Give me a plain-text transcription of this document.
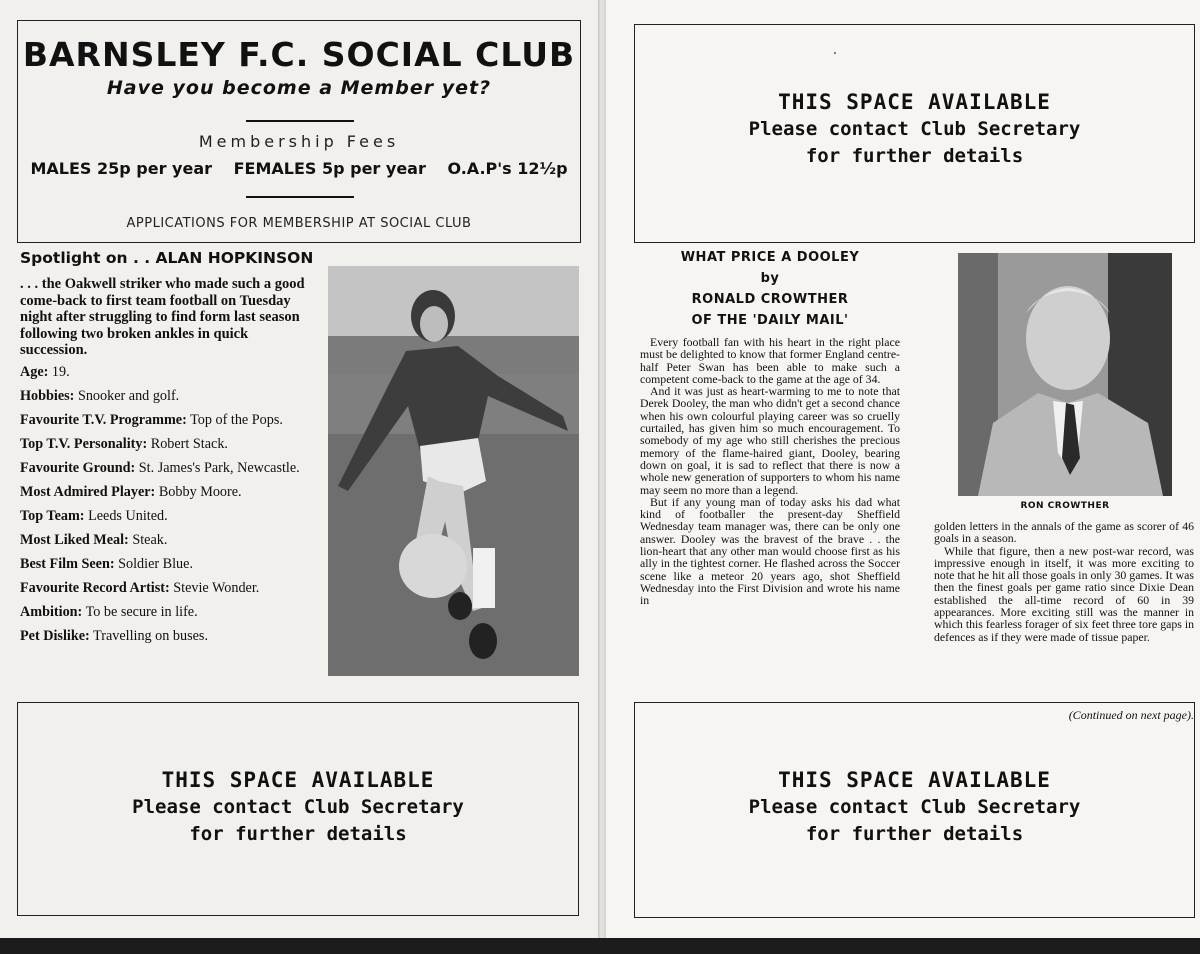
BARNSLEY F.C. SOCIAL CLUB
Have you become a Member yet?
Membership Fees
MALES 25p per year FEMALES 5p per year O.A.P's 12½p
APPLICATIONS FOR MEMBERSHIP AT SOCIAL CLUB
Spotlight on . . ALAN HOPKINSON
. . . the Oakwell striker who made such a good come-back to first team football on Tuesday night after struggling to find form last season following two broken ankles in quick succession.
Age: 19.
Hobbies: Snooker and golf.
Favourite T.V. Programme: Top of the Pops.
Top T.V. Personality: Robert Stack.
Favourite Ground: St. James's Park, Newcastle.
Most Admired Player: Bobby Moore.
Top Team: Leeds United.
Most Liked Meal: Steak.
Best Film Seen: Soldier Blue.
Favourite Record Artist: Stevie Wonder.
Ambition: To be secure in life.
Pet Dislike: Travelling on buses.
THIS SPACE AVAILABLE
Please contact Club Secretary
for further details
THIS SPACE AVAILABLE
Please contact Club Secretary
for further details
WHAT PRICE A DOOLEY
by
RONALD CROWTHER
OF THE 'DAILY MAIL'

Every football fan with his heart in the right place must be delighted to know that former England centre-half Peter Swan has been able to make such a competent come-back to the game at the age of 34.

And it was just as heart-warming to me to note that Derek Dooley, the man who didn't get a second chance when his own colourful playing career was so cruelly curtailed, has given him so much encouragement. To somebody of my age who still cherishes the precious memory of the flame-haired giant, Dooley, bearing down on goal, it is sad to reflect that there is now a whole new generation of supporters to whom his name may seem no more than a legend.

But if any young man of today asks his dad what kind of footballer the present-day Sheffield Wednesday team manager was, there can be only one answer. Dooley was the bravest of the brave . . the lion-heart that any other man would choose first as his ally in the tightest corner. He flashed across the Soccer scene like a meteor 20 years ago, shot Sheffield Wednesday into the First Division and wrote his name in

RON CROWTHER

golden letters in the annals of the game as scorer of 46 goals in a season.

While that figure, then a new post-war record, was impressive enough in itself, it was more exciting to note that he hit all those goals in only 30 games. It was then the finest goals per game ratio since Dixie Dean established the all-time record of 60 in 39 appearances. More exciting still was the manner in which this fearless forager of six feet three tore gaps in defences as if they were made of tissue paper.

(Continued on next page).
THIS SPACE AVAILABLE
Please contact Club Secretary
for further details
